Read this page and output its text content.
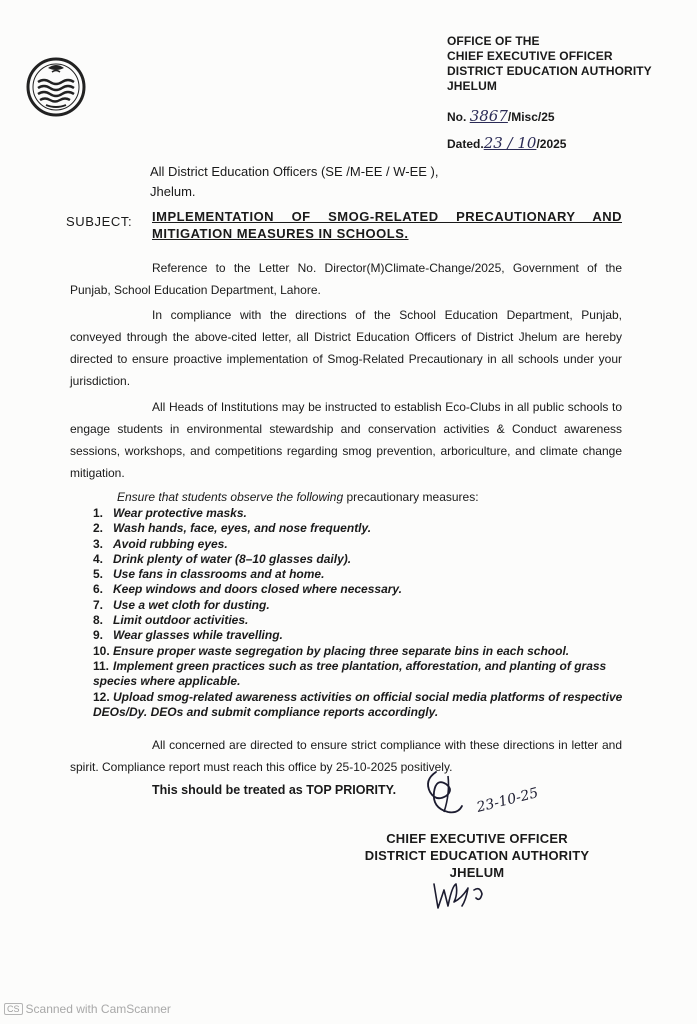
OFFICE OF THE
CHIEF EXECUTIVE OFFICER
DISTRICT EDUCATION AUTHORITY
JHELUM
No. 3867/Misc/25
Dated.23 / 10/2025
All District Education Officers (SE /M-EE / W-EE ),
Jhelum.
SUBJECT: IMPLEMENTATION OF SMOG-RELATED PRECAUTIONARY AND MITIGATION MEASURES IN SCHOOLS.
Reference to the Letter No. Director(M)Climate-Change/2025, Government of the Punjab, School Education Department, Lahore.
In compliance with the directions of the School Education Department, Punjab, conveyed through the above-cited letter, all District Education Officers of District Jhelum are hereby directed to ensure proactive implementation of Smog-Related Precautionary in all schools under your jurisdiction.
All Heads of Institutions may be instructed to establish Eco-Clubs in all public schools to engage students in environmental stewardship and conservation activities & Conduct awareness sessions, workshops, and competitions regarding smog prevention, arboriculture, and climate change mitigation.
Ensure that students observe the following precautionary measures:
1. Wear protective masks.
2. Wash hands, face, eyes, and nose frequently.
3. Avoid rubbing eyes.
4. Drink plenty of water (8–10 glasses daily).
5. Use fans in classrooms and at home.
6. Keep windows and doors closed where necessary.
7. Use a wet cloth for dusting.
8. Limit outdoor activities.
9. Wear glasses while travelling.
10. Ensure proper waste segregation by placing three separate bins in each school.
11. Implement green practices such as tree plantation, afforestation, and planting of grass species where applicable.
12. Upload smog-related awareness activities on official social media platforms of respective DEOs/Dy. DEOs and submit compliance reports accordingly.
All concerned are directed to ensure strict compliance with these directions in letter and spirit. Compliance report must reach this office by 25-10-2025 positively.
This should be treated as TOP PRIORITY.	23-10-25
CHIEF EXECUTIVE OFFICER
DISTRICT EDUCATION AUTHORITY
JHELUM
CS Scanned with CamScanner
